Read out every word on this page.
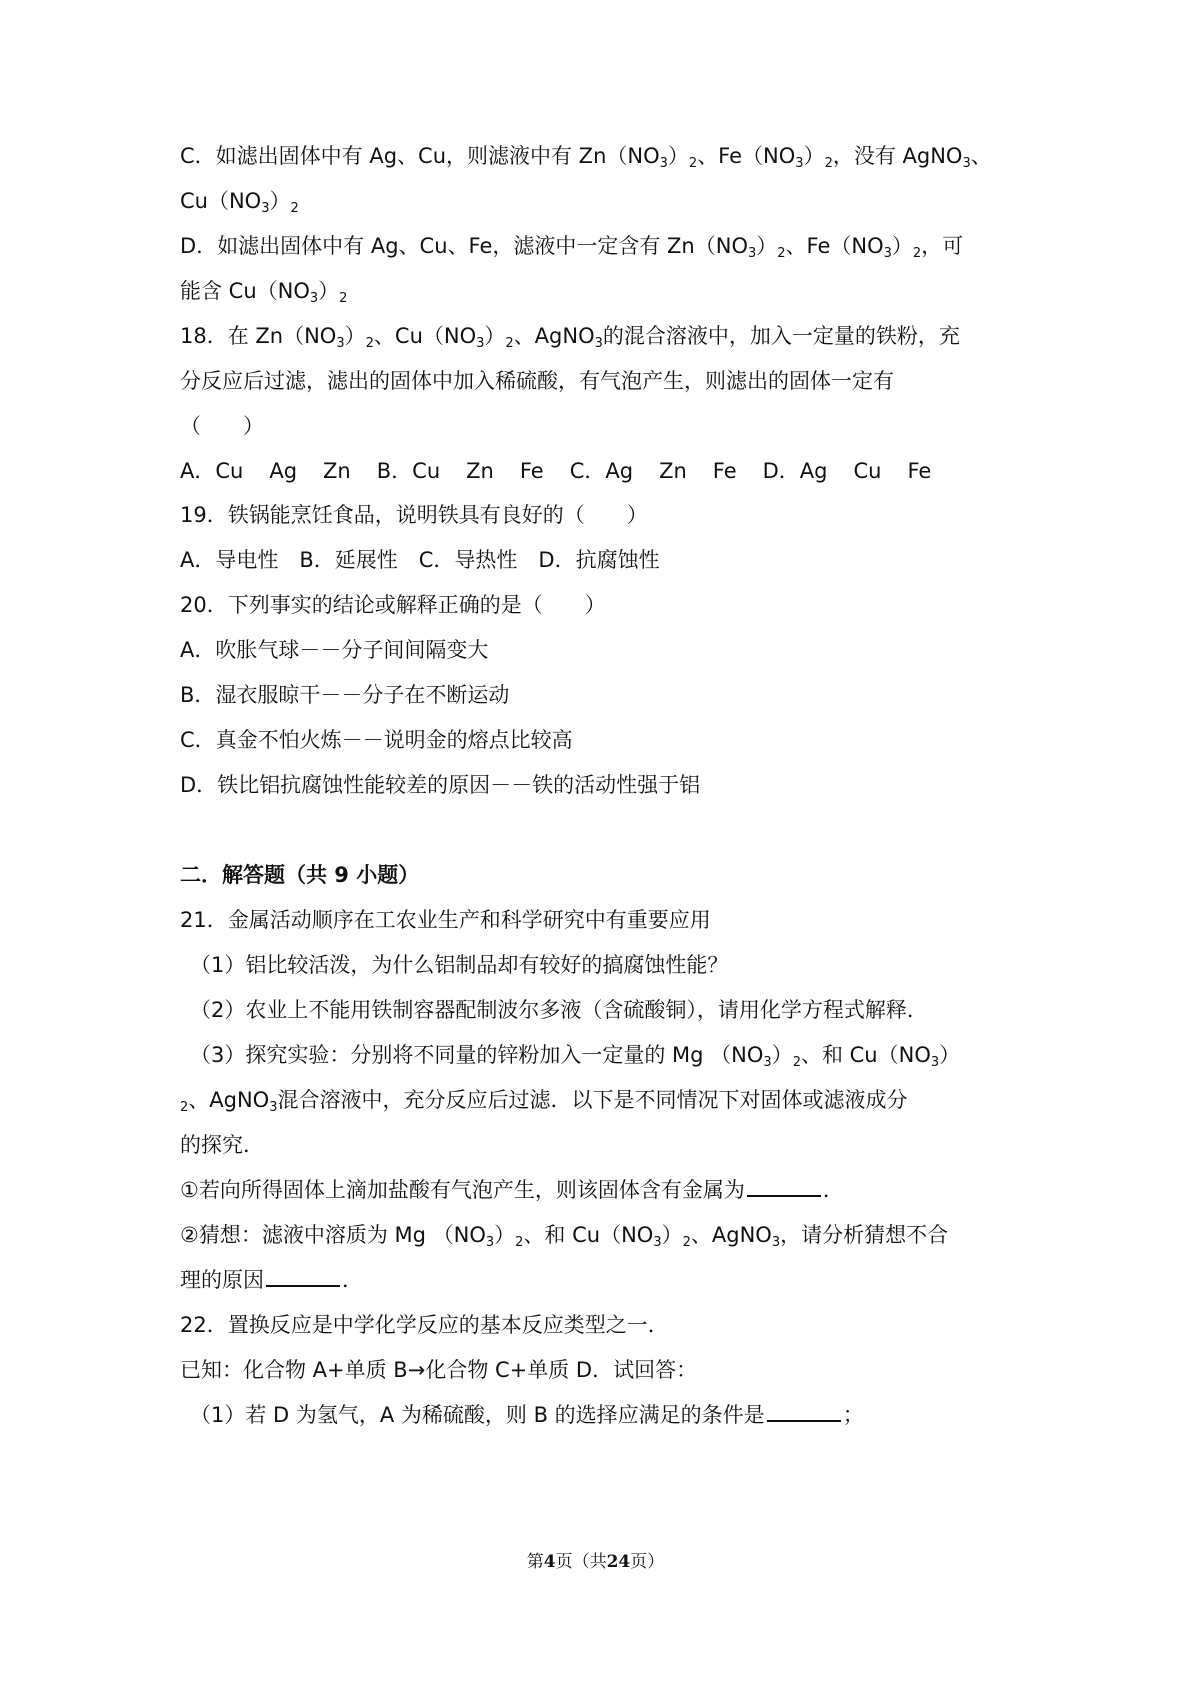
C．如滤出固体中有 Ag、Cu，则滤液中有 $Zn(NO_3)_2$、$Fe(NO_3)_2$，没有 AgNO$_3$、
$Cu(NO_3)_2$
D．如滤出固体中有 Ag、Cu、Fe，滤液中一定含有 $Zn(NO_3)_2$、$Fe(NO_3)_2$，可
能含 $Cu(NO_3)_2$
18．在 $Zn(NO_3)_2$、$Cu(NO_3)_2$、AgNO$_3$的混合溶液中，加入一定量的铁粉，充
分反应后过滤，滤出的固体中加入稀硫酸，有气泡产生，则滤出的固体一定有
（　　）
A．Cu Ag Zn B．Cu Zn Fe C．Ag Zn Fe D．Ag Cu Fe
19．铁锅能烹饪食品，说明铁具有良好的（　　）
A．导电性　B．延展性　C．导热性　D．抗腐蚀性
20．下列事实的结论或解释正确的是（　　）
A．吹胀气球－－分子间间隔变大
B．湿衣服晾干－－分子在不断运动
C．真金不怕火炼－－说明金的熔点比较高
D．铁比铝抗腐蚀性能较差的原因－－铁的活动性强于铝
二．解答题（共 9 小题）
21．金属活动顺序在工农业生产和科学研究中有重要应用
（1）铝比较活泼，为什么铝制品却有较好的搞腐蚀性能？
（2）农业上不能用铁制容器配制波尔多液（含硫酸铜），请用化学方程式解释．
（3）探究实验：分别将不同量的锌粉加入一定量的 Mg $(NO_3)_2$、和 $Cu(NO_3)$
$_2$、AgNO$_3$混合溶液中，充分反应后过滤．以下是不同情况下对固体或滤液成分
的探究．
①若向所得固体上滴加盐酸有气泡产生，则该固体含有金属为	．
②猜想：滤液中溶质为 Mg $(NO_3)_2$、和 $Cu(NO_3)_2$、AgNO$_3$，请分析猜想不合
理的原因	．
22．置换反应是中学化学反应的基本反应类型之一．
已知：化合物 A+单质 B→化合物 C+单质 D．试回答：
（1）若 D 为氢气，A 为稀硫酸，则 B 的选择应满足的条件是	；
第4页（共24页）
